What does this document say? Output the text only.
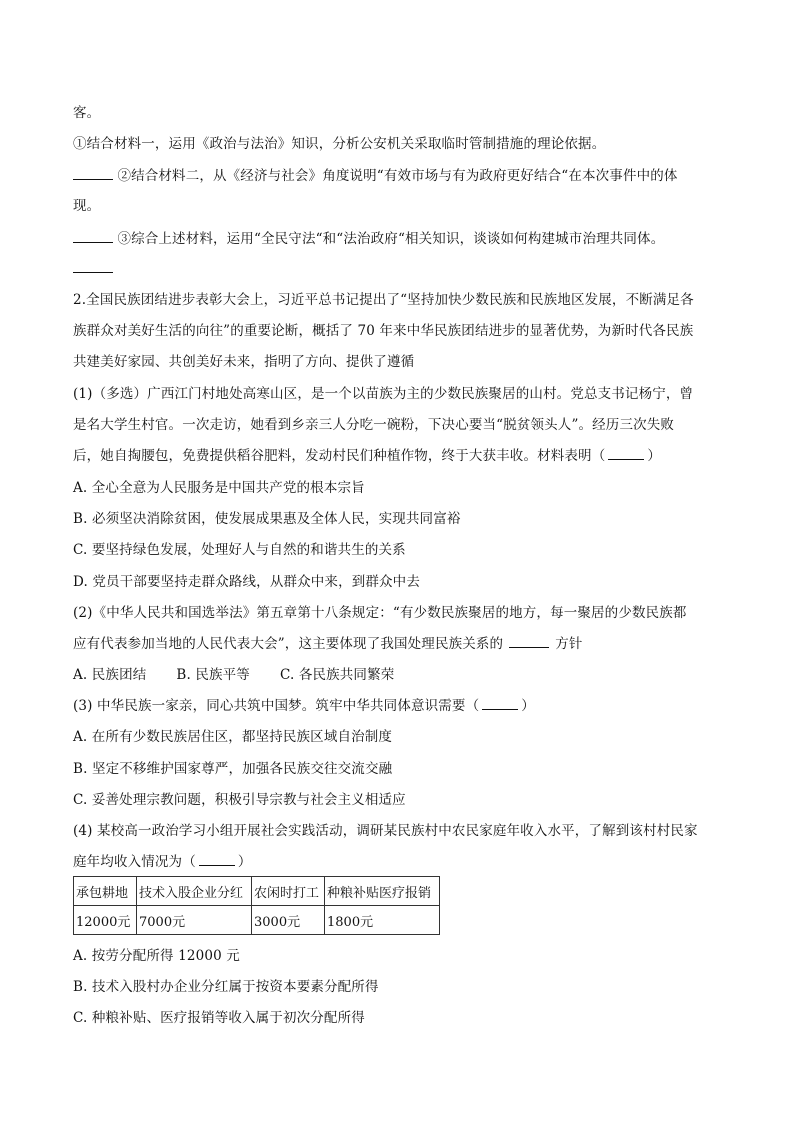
客。
①结合材料一，运用《政治与法治》知识，分析公安机关采取临时管制措施的理论依据。
②结合材料二，从《经济与社会》角度说明“有效市场与有为政府更好结合“在本次事件中的体
现。
③综合上述材料，运用“全民守法“和“法治政府“相关知识，谈谈如何构建城市治理共同体。
2.全国民族团结进步表彰大会上，习近平总书记提出了“坚持加快少数民族和民族地区发展，不断满足各
族群众对美好生活的向往”的重要论断，概括了 70 年来中华民族团结进步的显著优势，为新时代各民族
共建美好家园、共创美好未来，指明了方向、提供了遵循
(1)（多选）广西江门村地处高寒山区，是一个以苗族为主的少数民族聚居的山村。党总支书记杨宁，曾
是名大学生村官。一次走访，她看到乡亲三人分吃一碗粉，下决心要当“脱贫领头人”。经历三次失败
后，她自掏腰包，免费提供稻谷肥料，发动村民们种植作物，终于大获丰收。材料表明（	）
A. 全心全意为人民服务是中国共产党的根本宗旨
B. 必须坚决消除贫困，使发展成果惠及全体人民，实现共同富裕
C. 要坚持绿色发展，处理好人与自然的和谐共生的关系
D. 党员干部要坚持走群众路线，从群众中来，到群众中去
(2)《中华人民共和国选举法》第五章第十八条规定：“有少数民族聚居的地方，每一聚居的少数民族都
应有代表参加当地的人民代表大会”，这主要体现了我国处理民族关系的	方针
A. 民族团结 B. 民族平等 C. 各民族共同繁荣
(3) 中华民族一家亲，同心共筑中国梦。筑牢中华共同体意识需要（	）
A. 在所有少数民族居住区，都坚持民族区域自治制度
B. 坚定不移维护国家尊严，加强各民族交往交流交融
C. 妥善处理宗教问题，积极引导宗教与社会主义相适应
(4) 某校高一政治学习小组开展社会实践活动，调研某民族村中农民家庭年收入水平，了解到该村村民家
庭年均收入情况为（	）
承包耕地	技术入股企业分红	农闲时打工	种粮补贴医疗报销
12000元	7000元	3000元	1800元
A. 按劳分配所得 12000 元
B. 技术入股村办企业分红属于按资本要素分配所得
C. 种粮补贴、医疗报销等收入属于初次分配所得
